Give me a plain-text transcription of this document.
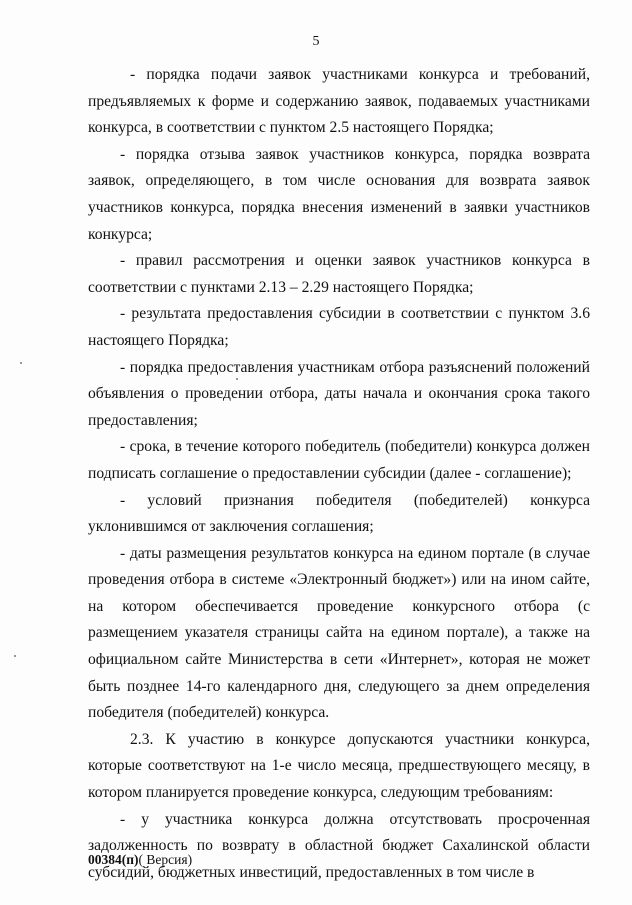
5

- порядка подачи заявок участниками конкурса и требований, предъявляемых к форме и содержанию заявок, подаваемых участниками конкурса, в соответствии с пунктом 2.5 настоящего Порядка;

- порядка отзыва заявок участников конкурса, порядка возврата заявок, определяющего, в том числе основания для возврата заявок участников конкурса, порядка внесения изменений в заявки участников конкурса;

- правил рассмотрения и оценки заявок участников конкурса в соответствии с пунктами 2.13 – 2.29 настоящего Порядка;

- результата предоставления субсидии в соответствии с пунктом 3.6 настоящего Порядка;

- порядка предоставления участникам отбора разъяснений положений объявления о проведении отбора, даты начала и окончания срока такого предоставления;

- срока, в течение которого победитель (победители) конкурса должен подписать соглашение о предоставлении субсидии (далее - соглашение);

- условий признания победителя (победителей) конкурса уклонившимся от заключения соглашения;

- даты размещения результатов конкурса на едином портале (в случае проведения отбора в системе «Электронный бюджет») или на ином сайте, на котором обеспечивается проведение конкурсного отбора (с размещением указателя страницы сайта на едином портале), а также на официальном сайте Министерства в сети «Интернет», которая не может быть позднее 14-го календарного дня, следующего за днем определения победителя (победителей) конкурса.

2.3. К участию в конкурсе допускаются участники конкурса, которые соответствуют на 1-е число месяца, предшествующего месяцу, в котором планируется проведение конкурса, следующим требованиям:

- у участника конкурса должна отсутствовать просроченная задолженность по возврату в областной бюджет Сахалинской области субсидий, бюджетных инвестиций, предоставленных в том числе в

00384(п)( Версия)
